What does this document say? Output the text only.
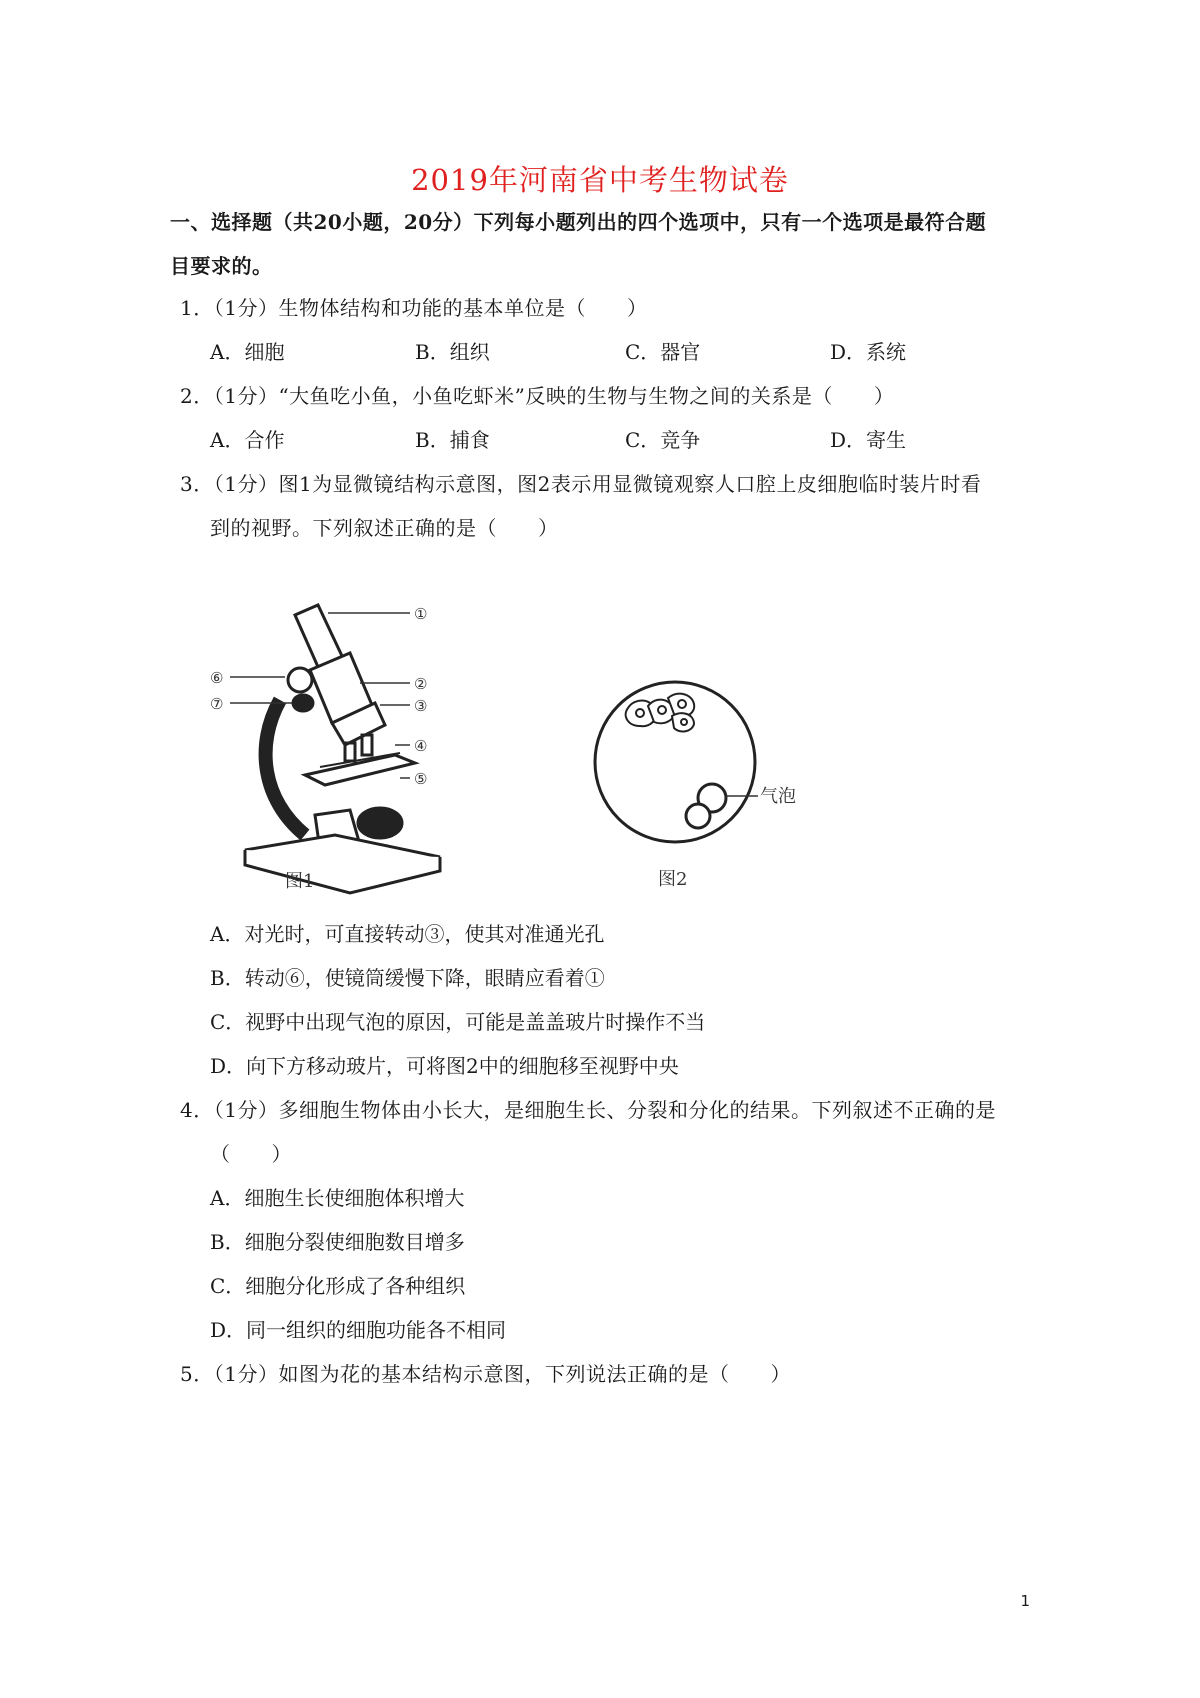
2019年河南省中考生物试卷
一、选择题（共20小题，20分）下列每小题列出的四个选项中，只有一个选项是最符合题
目要求的。
1．（1分）生物体结构和功能的基本单位是（　　）
A．细胞	B．组织	C．器官	D．系统
2．（1分）“大鱼吃小鱼，小鱼吃虾米”反映的生物与生物之间的关系是（　　）
A．合作	B．捕食	C．竞争	D．寄生
3．（1分）图1为显微镜结构示意图，图2表示用显微镜观察人口腔上皮细胞临时装片时看
到的视野。下列叙述正确的是（　　）
①
②
③
④
⑤
⑥
⑦
图1
气泡
图2
A．对光时，可直接转动③，使其对准通光孔
B．转动⑥，使镜筒缓慢下降，眼睛应看着①
C．视野中出现气泡的原因，可能是盖盖玻片时操作不当
D．向下方移动玻片，可将图2中的细胞移至视野中央
4．（1分）多细胞生物体由小长大，是细胞生长、分裂和分化的结果。下列叙述不正确的是
（　　）
A．细胞生长使细胞体积增大
B．细胞分裂使细胞数目增多
C．细胞分化形成了各种组织
D．同一组织的细胞功能各不相同
5．（1分）如图为花的基本结构示意图，下列说法正确的是（　　）
1
